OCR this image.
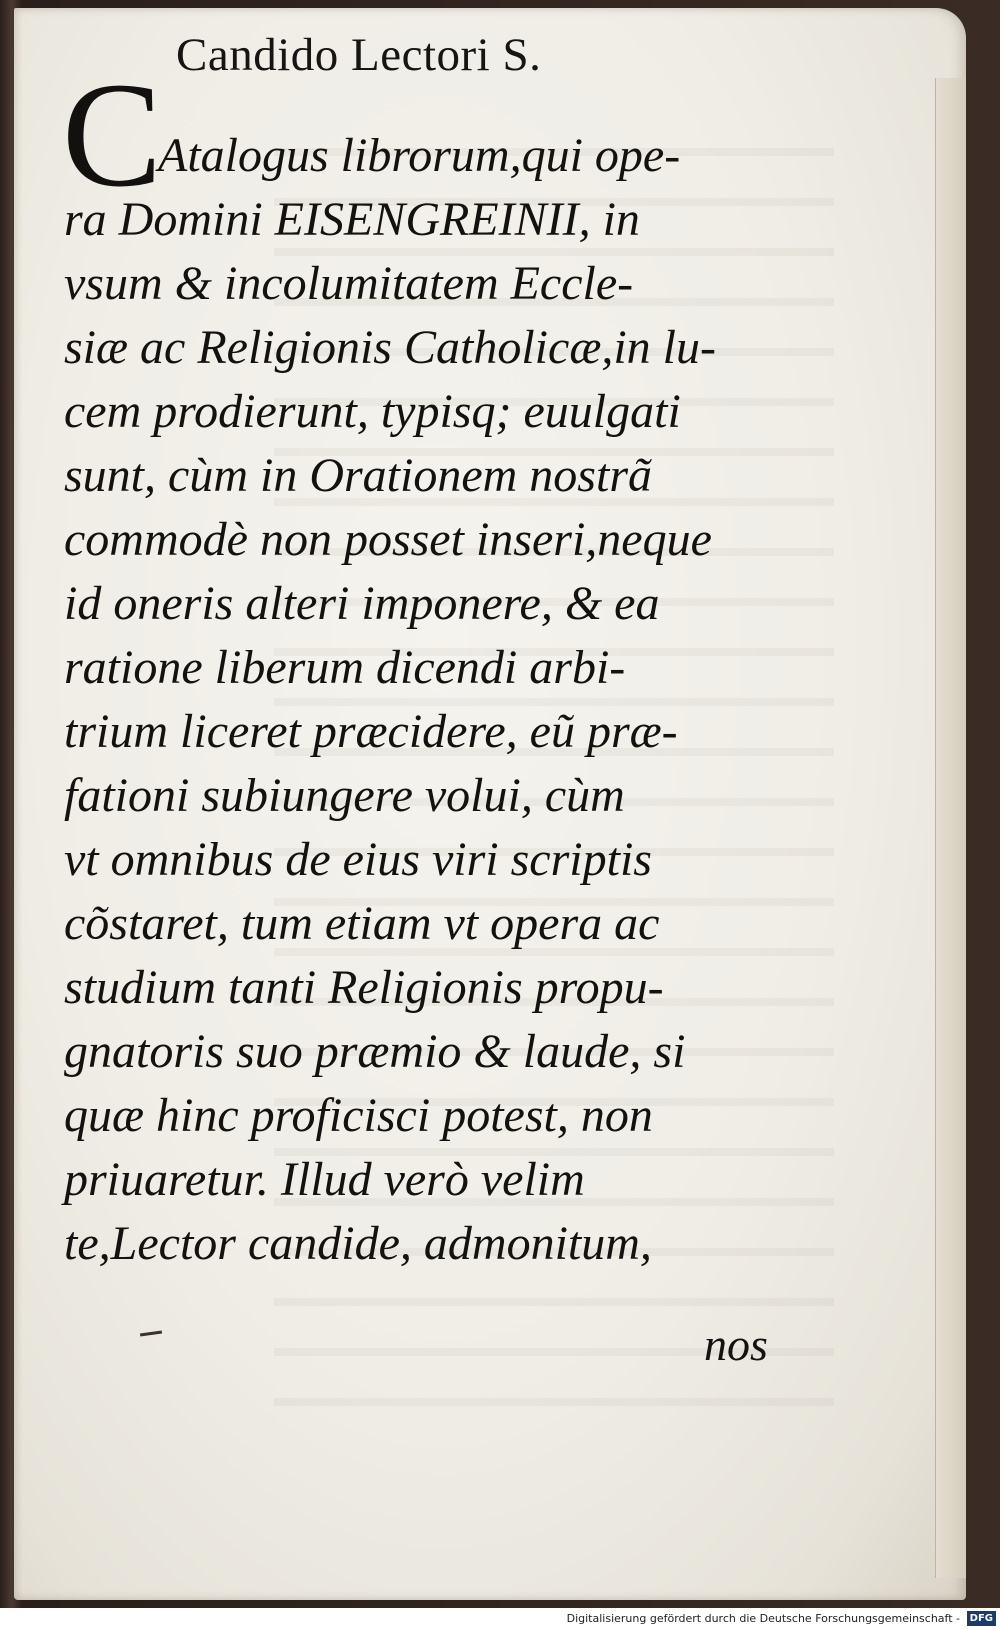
Candido Lectori S.
C
Atalogus librorum,qui ope-
ra Domini EISENGREINII, in
vsum & incolumitatem Eccle-
siæ ac Religionis Catholicæ,in lu-
cem prodierunt, typisq; euulgati
sunt, cùm in Orationem nostrã
commodè non posset inseri,neque
id oneris alteri imponere, & ea
ratione liberum dicendi arbi-
trium liceret præcidere, eũ præ-
fationi subiungere volui, cùm
vt omnibus de eius viri scriptis
cõstaret, tum etiam vt opera ac
studium tanti Religionis propu-
gnatoris suo præmio & laude, si
quæ hinc proficisci potest, non
priuaretur. Illud verò velim
te,Lector candide, admonitum,
nos
Digitalisierung gefördert durch die Deutsche Forschungsgemeinschaft - DFG
